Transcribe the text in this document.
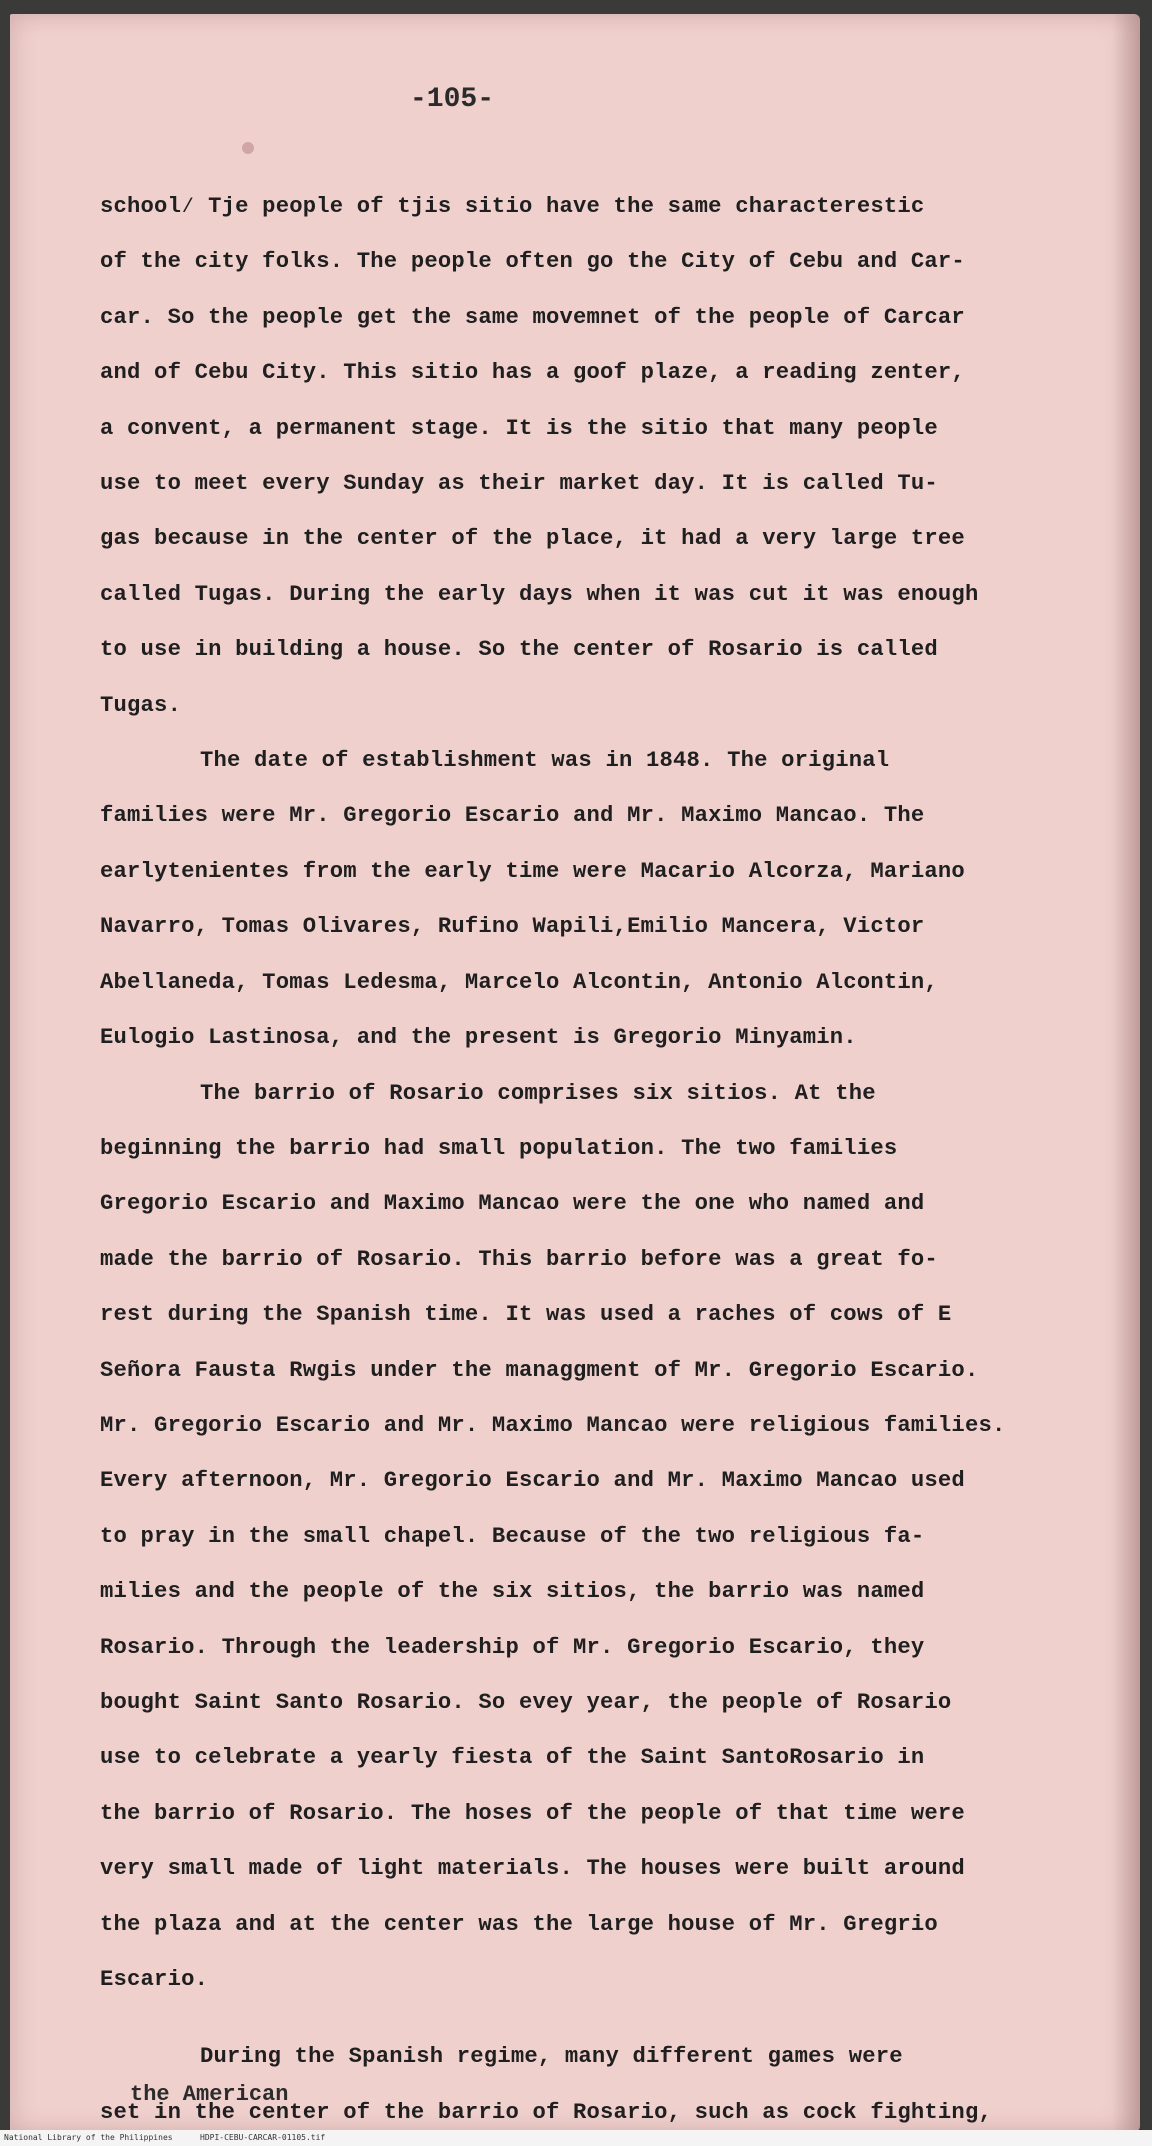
-105-
school⁄ Tje people of tjis sitio have the same characterestic
of the city folks. The people often go the City of Cebu and Car-
car. So the people get the same movemnet of the people of Carcar
and of Cebu City. This sitio has a goof plaze, a reading zenter,
a convent, a permanent stage. It is the sitio that many people
use to meet every Sunday as their market day. It is called Tu-
gas because in the center of the place, it had a very large tree
called Tugas. During the early days when it was cut it was enough
to use in building a house. So the center of Rosario is called
Tugas.
The date of establishment was in 1848. The original
families were Mr. Gregorio Escario and Mr. Maximo Mancao. The
earlytenientes from the early time were Macario Alcorza, Mariano
Navarro, Tomas Olivares, Rufino Wapili,Emilio Mancera, Victor
Abellaneda, Tomas Ledesma, Marcelo Alcontin, Antonio Alcontin,
Eulogio Lastinosa, and the present is Gregorio Minyamin.
The barrio of Rosario comprises six sitios. At the
beginning the barrio had small population. The two families
Gregorio Escario and Maximo Mancao were the one who named and
made the barrio of Rosario. This barrio before was a great fo-
rest during the Spanish time. It was used a raches of cows of E
Señora Fausta Rwgis under the managgment of Mr. Gregorio Escario.
Mr. Gregorio Escario and Mr. Maximo Mancao were religious families.
Every afternoon, Mr. Gregorio Escario and Mr. Maximo Mancao used
to pray in the small chapel. Because of the two religious fa-
milies and the people of the six sitios, the barrio was named
Rosario. Through the leadership of Mr. Gregorio Escario, they
bought Saint Santo Rosario. So evey year, the people of Rosario
use to celebrate a yearly fiesta of the Saint SantoRosario in
the barrio of Rosario. The hoses of the people of that time were
very small made of light materials. The houses were built around
the plaza and at the center was the large house of Mr. Gregrio
Escario.
During the Spanish regime, many different games were
set in the center of the barrio of Rosario, such as cock fighting,
the American
National Library of the Philippines	HDPI-CEBU-CARCAR-01105.tif
